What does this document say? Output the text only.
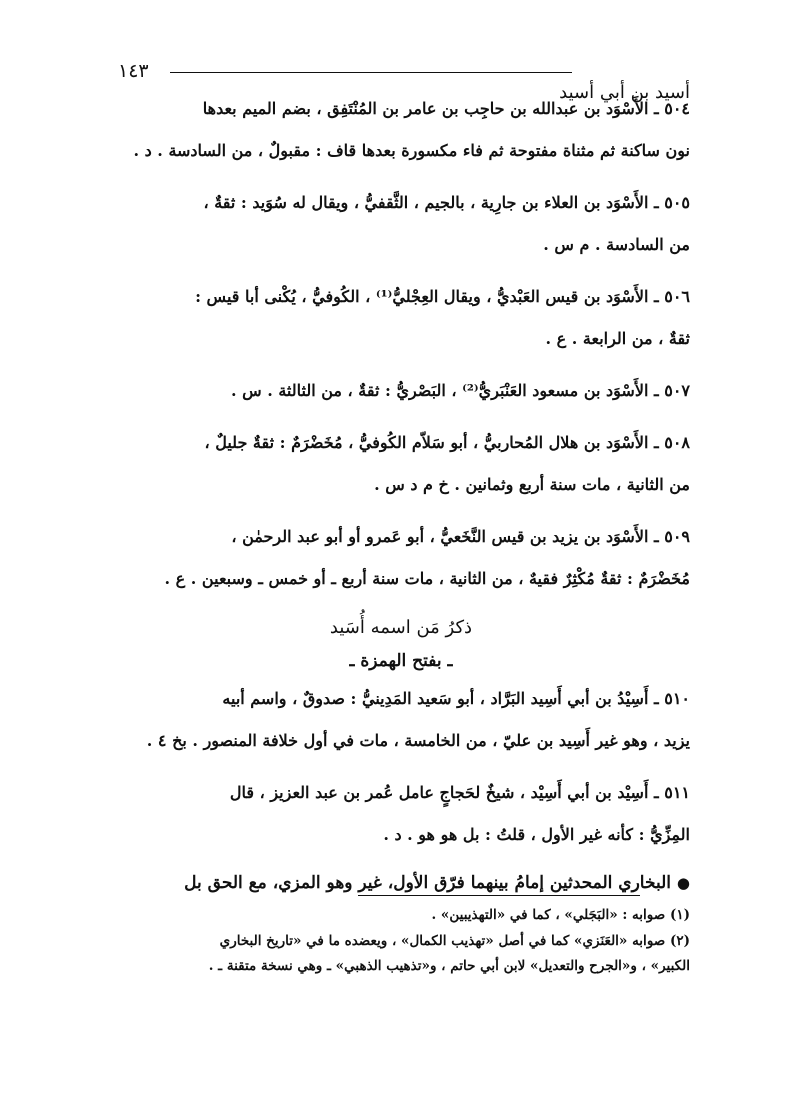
١٤٣
أسيد بن أبي أسيد
٥٠٤ ـ الأَسْوَد بن عبدالله بن حاجِب بن عامر بن المُنْتَفِق ، بضم الميم بعدها
نون ساكنة ثم مثناة مفتوحة ثم فاء مكسورة بعدها قاف : مقبولٌ ، من السادسة . د .
٥٠٥ ـ الأَسْوَد بن العلاء بن جارِية ، بالجيم ، الثَّقفيُّ ، ويقال له سُوَيد : ثقةٌ ،
من السادسة . م س .
٥٠٦ ـ الأَسْوَد بن قيس العَبْديُّ ، ويقال العِجْليُّ⁽¹⁾ ، الكُوفيُّ ، يُكْنى أبا قيس :
ثقةٌ ، من الرابعة . ع .
٥٠٧ ـ الأَسْوَد بن مسعود العَنْبَريُّ⁽²⁾ ، البَصْريُّ : ثقةٌ ، من الثالثة . س .
٥٠٨ ـ الأَسْوَد بن هلال المُحاربيُّ ، أبو سَلاّم الكُوفيُّ ، مُخَضْرَمٌ : ثقةٌ جليلٌ ،
من الثانية ، مات سنة أربع وثمانين . خ م د س .
٥٠٩ ـ الأَسْوَد بن يزيد بن قيس النَّخَعيُّ ، أبو عَمرو أو أبو عبد الرحمٰن ،
مُخَضْرَمٌ : ثقةٌ مُكْثِرٌ فقيهٌ ، من الثانية ، مات سنة أربع ـ أو خمس ـ وسبعين . ع .
ذكرُ مَن اسمه أُسَيد
ـ بفتح الهمزة ـ
٥١٠ ـ أَسِيْدُ بن أبي أَسِيد البَرَّاد ، أبو سَعيد المَدِينيُّ : صدوقٌ ، واسم أبيه
يزيد ، وهو غير أَسِيد بن عليّ ، من الخامسة ، مات في أول خلافة المنصور . بخ ٤ .
٥١١ ـ أَسِيْد بن أبي أَسِيْد ، شيخٌ لحَجاجٍ عامل عُمر بن عبد العزيز ، قال
المِزِّيُّ : كأنه غير الأول ، قلتُ : بل هو هو . د .
● البخاري المحدثين إمامُ بينهما فرّق الأول، غير وهو المزي، مع الحق بل
(١) صوابه : «البَجَلي» ، كما في «التهذيبين» .
(٢) صوابه «العَنَزي» كما في أصل «تهذيب الكمال» ، ويعضده ما في «تاريخ البخاري
الكبير» ، و«الجرح والتعديل» لابن أبي حاتم ، و«تذهيب الذهبي» ـ وهي نسخة متقنة ـ .
